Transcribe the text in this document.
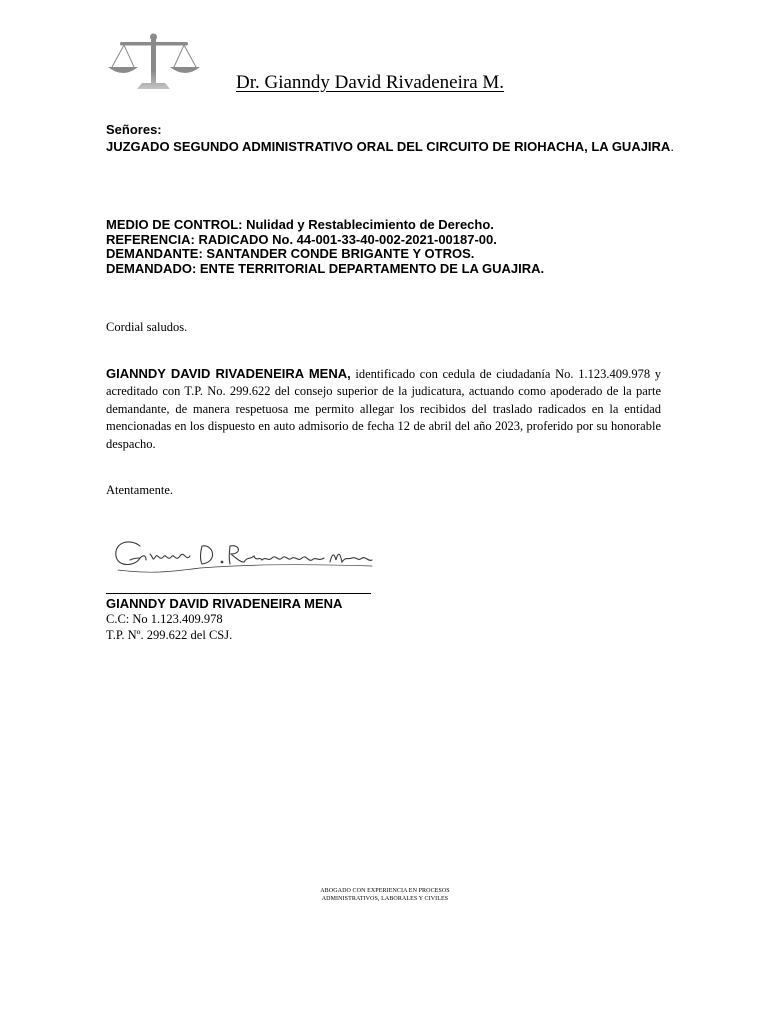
Dr. Gianndy David Rivadeneira M.
Señores:
JUZGADO SEGUNDO ADMINISTRATIVO ORAL DEL CIRCUITO DE RIOHACHA, LA GUAJIRA.
MEDIO DE CONTROL: Nulidad y Restablecimiento de Derecho.
REFERENCIA: RADICADO No. 44-001-33-40-002-2021-00187-00.
DEMANDANTE: SANTANDER CONDE BRIGANTE Y OTROS.
DEMANDADO: ENTE TERRITORIAL DEPARTAMENTO DE LA GUAJIRA.
Cordial saludos.
GIANNDY DAVID RIVADENEIRA MENA, identificado con cedula de ciudadanía No. 1.123.409.978 y acreditado con T.P. No. 299.622 del consejo superior de la judicatura, actuando como apoderado de la parte demandante, de manera respetuosa me permito allegar los recibidos del traslado radicados en la entidad mencionadas en los dispuesto en auto admisorio de fecha 12 de abril del año 2023, proferido por su honorable despacho.
Atentamente.
GIANNDY DAVID RIVADENEIRA MENA
C.C: No 1.123.409.978
T.P. Nº. 299.622 del CSJ.
ABOGADO CON EXPERIENCIA EN PROCESOS
ADMINISTRATIVOS, LABORALES Y CIVILES
